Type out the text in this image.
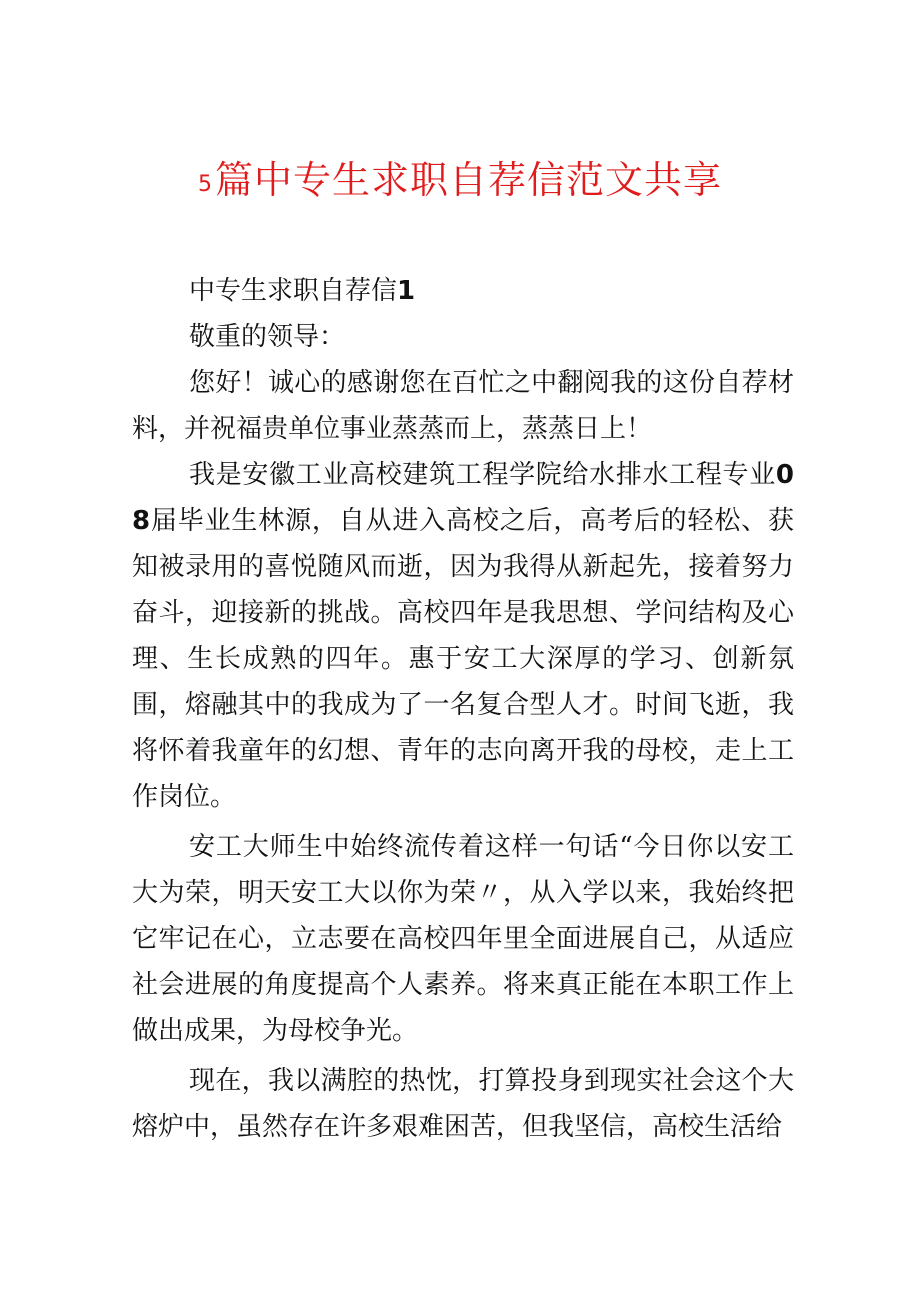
5篇中专生求职自荐信范文共享

中专生求职自荐信1

敬重的领导：

您好！诚心的感谢您在百忙之中翻阅我的这份自荐材料，并祝福贵单位事业蒸蒸而上，蒸蒸日上！

我是安徽工业高校建筑工程学院给水排水工程专业08届毕业生林源，自从进入高校之后，高考后的轻松、获知被录用的喜悦随风而逝，因为我得从新起先，接着努力奋斗，迎接新的挑战。高校四年是我思想、学问结构及心理、生长成熟的四年。惠于安工大深厚的学习、创新氛围，熔融其中的我成为了一名复合型人才。时间飞逝，我将怀着我童年的幻想、青年的志向离开我的母校，走上工作岗位。

安工大师生中始终流传着这样一句话“今日你以安工大为荣，明天安工大以你为荣〃，从入学以来，我始终把它牢记在心，立志要在高校四年里全面进展自己，从适应社会进展的角度提高个人素养。将来真正能在本职工作上做出成果，为母校争光。

现在，我以满腔的热忱，打算投身到现实社会这个大熔炉中，虽然存在许多艰难困苦，但我坚信，高校生活给
